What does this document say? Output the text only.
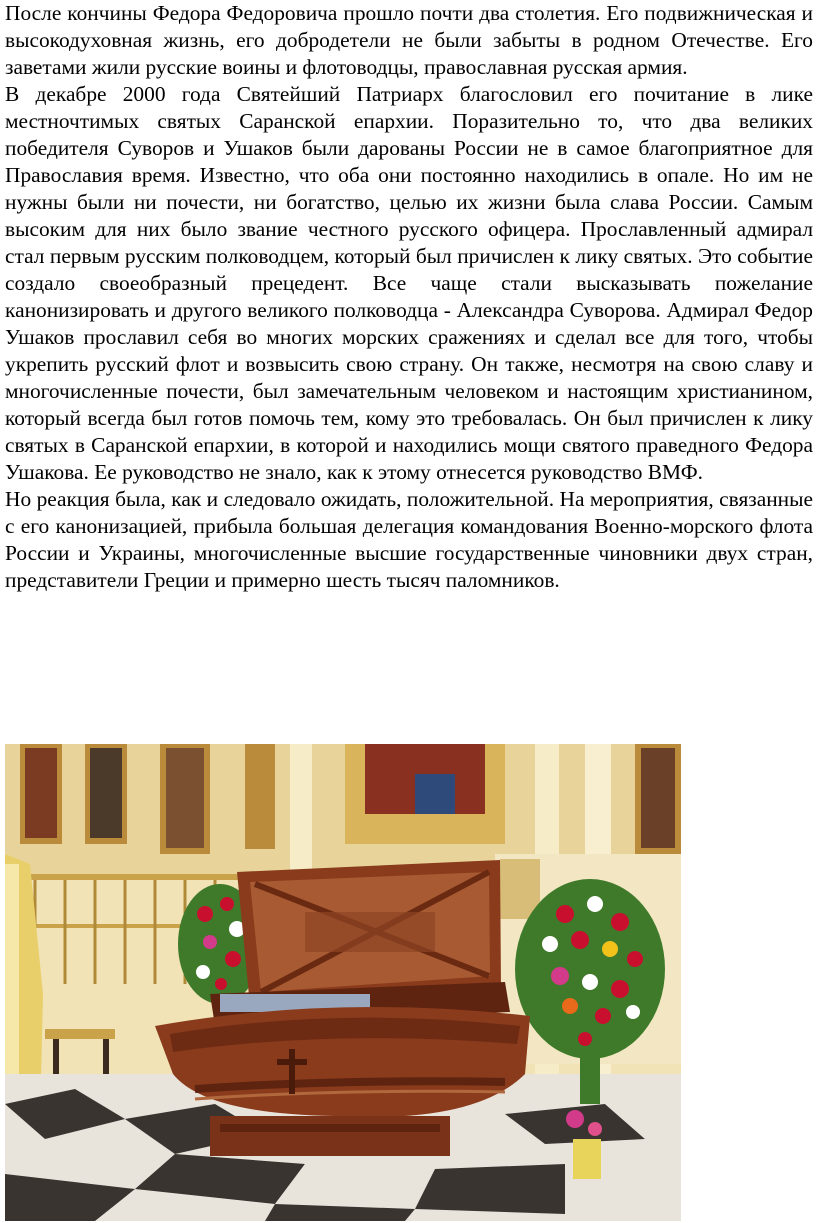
После кончины Федора Федоровича прошло почти два столетия. Его подвижническая и высокодуховная жизнь, его добродетели не были забыты в родном Отечестве. Его заветами жили русские воины и флотоводцы, православная русская армия.

В декабре 2000 года Святейший Патриарх благословил его почитание в лике местночтимых святых Саранской епархии. Поразительно то, что два великих победителя Суворов и Ушаков были дарованы России не в самое благоприятное для Православия время. Известно, что оба они постоянно находились в опале. Но им не нужны были ни почести, ни богатство, целью их жизни была слава России. Самым высоким для них было звание честного русского офицера. Прославленный адмирал стал первым русским полководцем, который был причислен к лику святых. Это событие создало своеобразный прецедент. Все чаще стали высказывать пожелание канонизировать и другого великого полководца - Александра Суворова. Адмирал Федор Ушаков прославил себя во многих морских сражениях и сделал все для того, чтобы укрепить русский флот и возвысить свою страну. Он также, несмотря на свою славу и многочисленные почести, был замечательным человеком и настоящим христианином, который всегда был готов помочь тем, кому это требовалась. Он был причислен к лику святых в Саранской епархии, в которой и находились мощи святого праведного Федора Ушакова. Ее руководство не знало, как к этому отнесется руководство ВМФ.

Но реакция была, как и следовало ожидать, положительной. На мероприятия, связанные с его канонизацией, прибыла большая делегация командования Военно-морского флота России и Украины, многочисленные высшие государственные чиновники двух стран, представители Греции и примерно шесть тысяч паломников.
